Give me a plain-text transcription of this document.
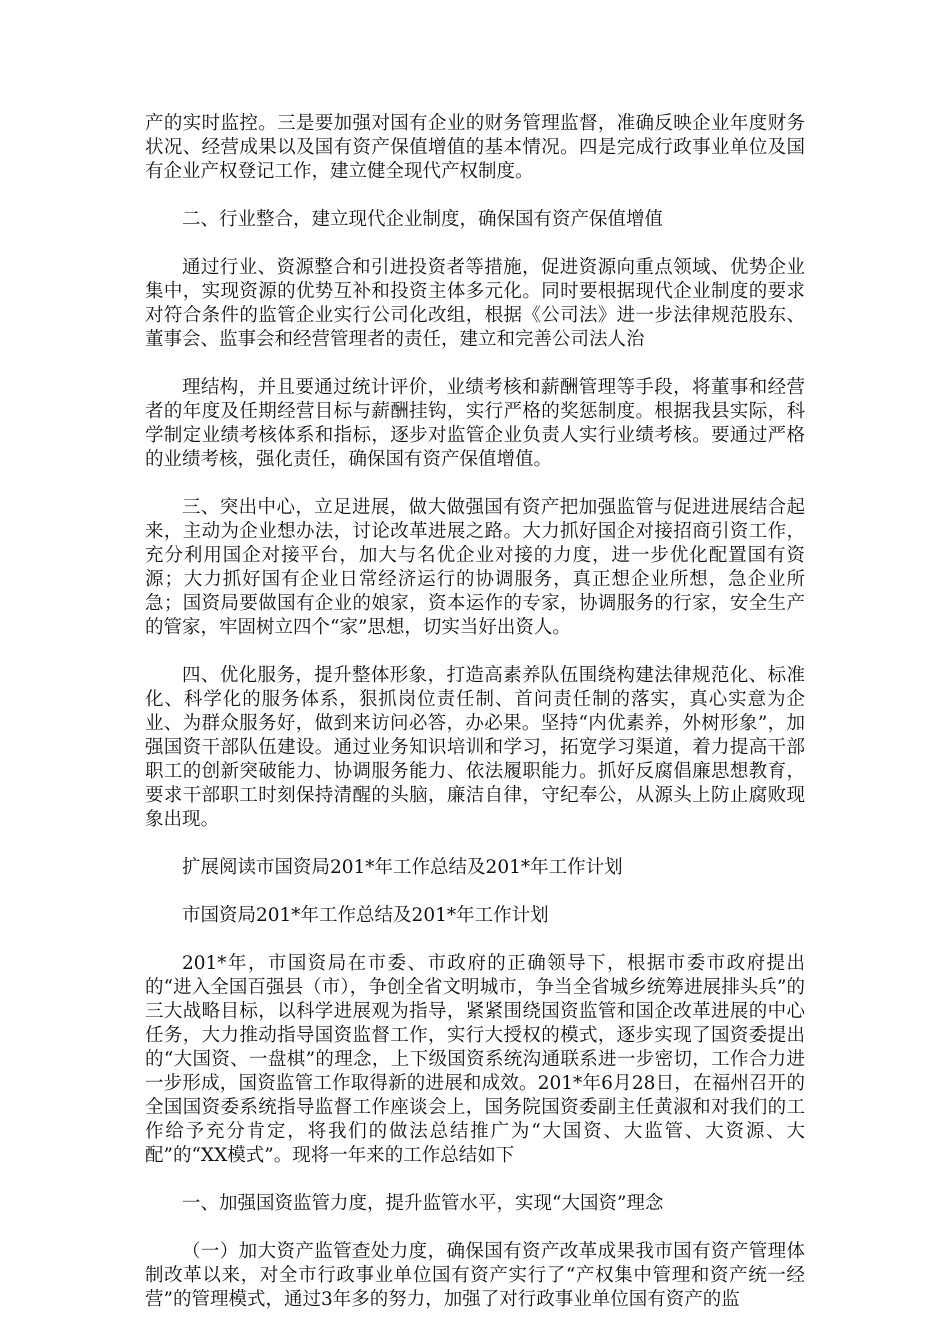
产的实时监控。三是要加强对国有企业的财务管理监督，准确反映企业年度财务状况、经营成果以及国有资产保值增值的基本情况。四是完成行政事业单位及国有企业产权登记工作，建立健全现代产权制度。

二、行业整合，建立现代企业制度，确保国有资产保值增值

通过行业、资源整合和引进投资者等措施，促进资源向重点领域、优势企业集中，实现资源的优势互补和投资主体多元化。同时要根据现代企业制度的要求对符合条件的监管企业实行公司化改组，根据《公司法》进一步法律规范股东、董事会、监事会和经营管理者的责任，建立和完善公司法人治

理结构，并且要通过统计评价，业绩考核和薪酬管理等手段，将董事和经营者的年度及任期经营目标与薪酬挂钩，实行严格的奖惩制度。根据我县实际，科学制定业绩考核体系和指标，逐步对监管企业负责人实行业绩考核。要通过严格的业绩考核，强化责任，确保国有资产保值增值。

三、突出中心，立足进展，做大做强国有资产把加强监管与促进进展结合起来，主动为企业想办法，讨论改革进展之路。大力抓好国企对接招商引资工作，充分利用国企对接平台，加大与名优企业对接的力度，进一步优化配置国有资源；大力抓好国有企业日常经济运行的协调服务，真正想企业所想，急企业所急；国资局要做国有企业的娘家，资本运作的专家，协调服务的行家，安全生产的管家，牢固树立四个“家”思想，切实当好出资人。

四、优化服务，提升整体形象，打造高素养队伍围绕构建法律规范化、标准化、科学化的服务体系，狠抓岗位责任制、首问责任制的落实，真心实意为企业、为群众服务好，做到来访问必答，办必果。坚持“内优素养，外树形象”，加强国资干部队伍建设。通过业务知识培训和学习，拓宽学习渠道，着力提高干部职工的创新突破能力、协调服务能力、依法履职能力。抓好反腐倡廉思想教育，要求干部职工时刻保持清醒的头脑，廉洁自律，守纪奉公，从源头上防止腐败现象出现。

扩展阅读市国资局201*年工作总结及201*年工作计划

市国资局201*年工作总结及201*年工作计划

201*年，市国资局在市委、市政府的正确领导下，根据市委市政府提出的“进入全国百强县（市），争创全省文明城市，争当全省城乡统筹进展排头兵”的三大战略目标，以科学进展观为指导，紧紧围绕国资监管和国企改革进展的中心任务，大力推动指导国资监督工作，实行大授权的模式，逐步实现了国资委提出的“大国资、一盘棋”的理念，上下级国资系统沟通联系进一步密切，工作合力进一步形成，国资监管工作取得新的进展和成效。201*年6月28日，在福州召开的全国国资委系统指导监督工作座谈会上，国务院国资委副主任黄淑和对我们的工作给予充分肯定，将我们的做法总结推广为“大国资、大监管、大资源、大配”的“XX模式”。现将一年来的工作总结如下

一、加强国资监管力度，提升监管水平，实现“大国资”理念

（一）加大资产监管查处力度，确保国有资产改革成果我市国有资产管理体制改革以来，对全市行政事业单位国有资产实行了“产权集中管理和资产统一经营”的管理模式，通过3年多的努力，加强了对行政事业单位国有资产的监
